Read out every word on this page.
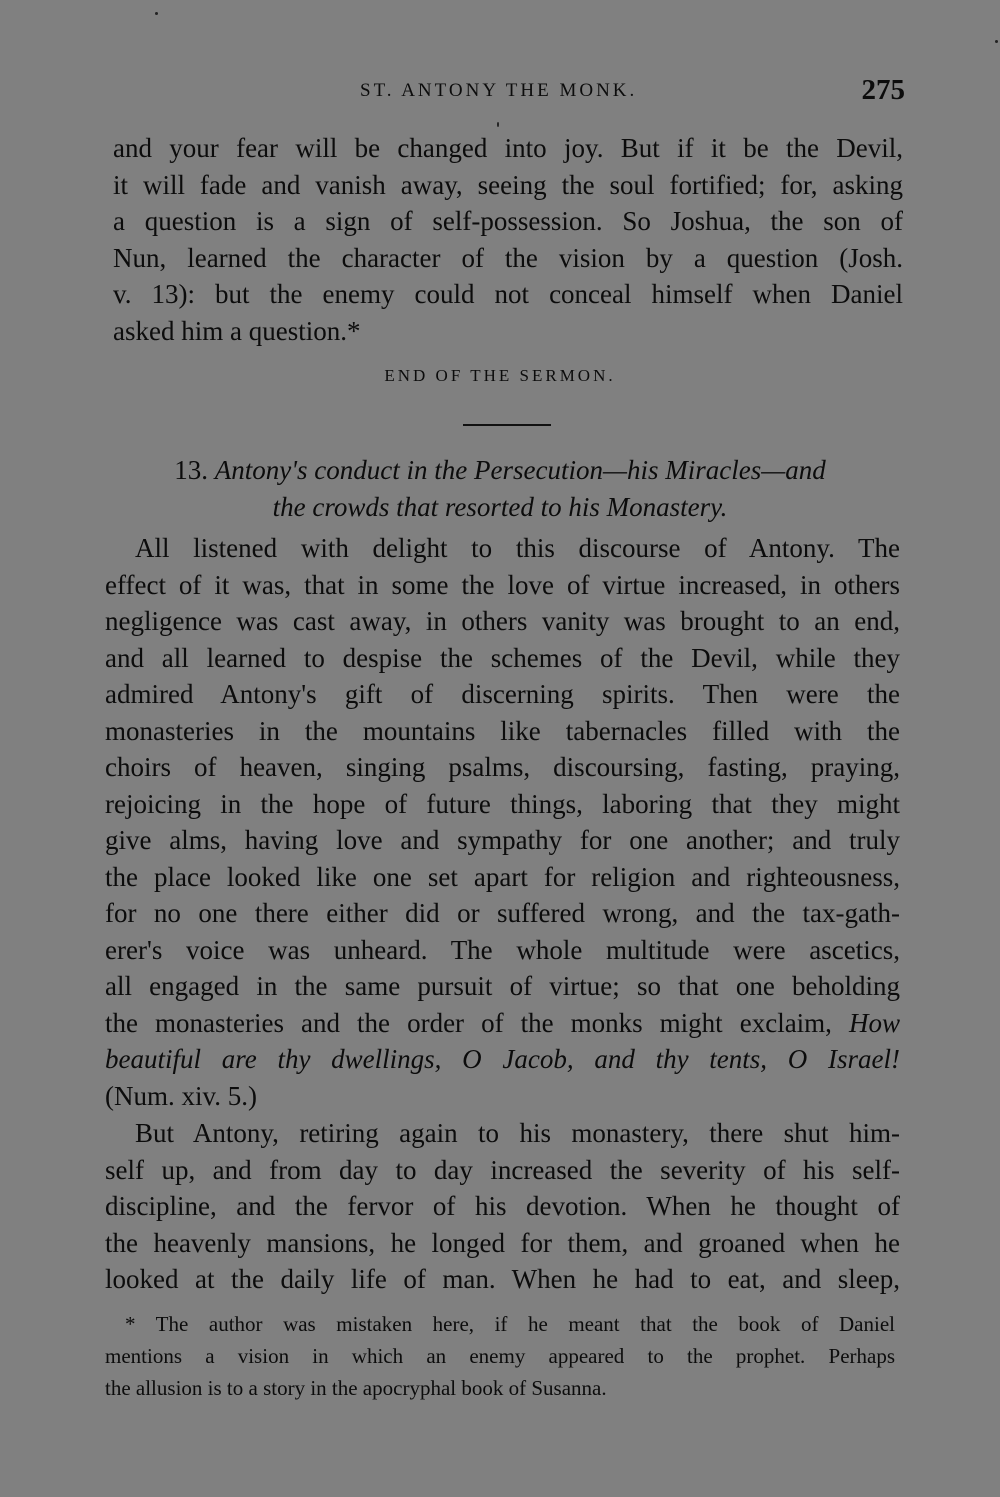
ST. ANTONY THE MONK.	275
and your fear will be changed into joy. But if it be the Devil,
it will fade and vanish away, seeing the soul fortified; for, asking
a question is a sign of self-possession. So Joshua, the son of
Nun, learned the character of the vision by a question (Josh.
v. 13): but the enemy could not conceal himself when Daniel
asked him a question.*
END OF THE SERMON.
13. Antony's conduct in the Persecution—his Miracles—and
the crowds that resorted to his Monastery.
All listened with delight to this discourse of Antony. The
effect of it was, that in some the love of virtue increased, in others
negligence was cast away, in others vanity was brought to an end,
and all learned to despise the schemes of the Devil, while they
admired Antony's gift of discerning spirits. Then were the
monasteries in the mountains like tabernacles filled with the
choirs of heaven, singing psalms, discoursing, fasting, praying,
rejoicing in the hope of future things, laboring that they might
give alms, having love and sympathy for one another; and truly
the place looked like one set apart for religion and righteousness,
for no one there either did or suffered wrong, and the tax-gath-
erer's voice was unheard. The whole multitude were ascetics,
all engaged in the same pursuit of virtue; so that one beholding
the monasteries and the order of the monks might exclaim, How
beautiful are thy dwellings, O Jacob, and thy tents, O Israel!
(Num. xiv. 5.)
But Antony, retiring again to his monastery, there shut him-
self up, and from day to day increased the severity of his self-
discipline, and the fervor of his devotion. When he thought of
the heavenly mansions, he longed for them, and groaned when he
looked at the daily life of man. When he had to eat, and sleep,
* The author was mistaken here, if he meant that the book of Daniel
mentions a vision in which an enemy appeared to the prophet. Perhaps
the allusion is to a story in the apocryphal book of Susanna.
